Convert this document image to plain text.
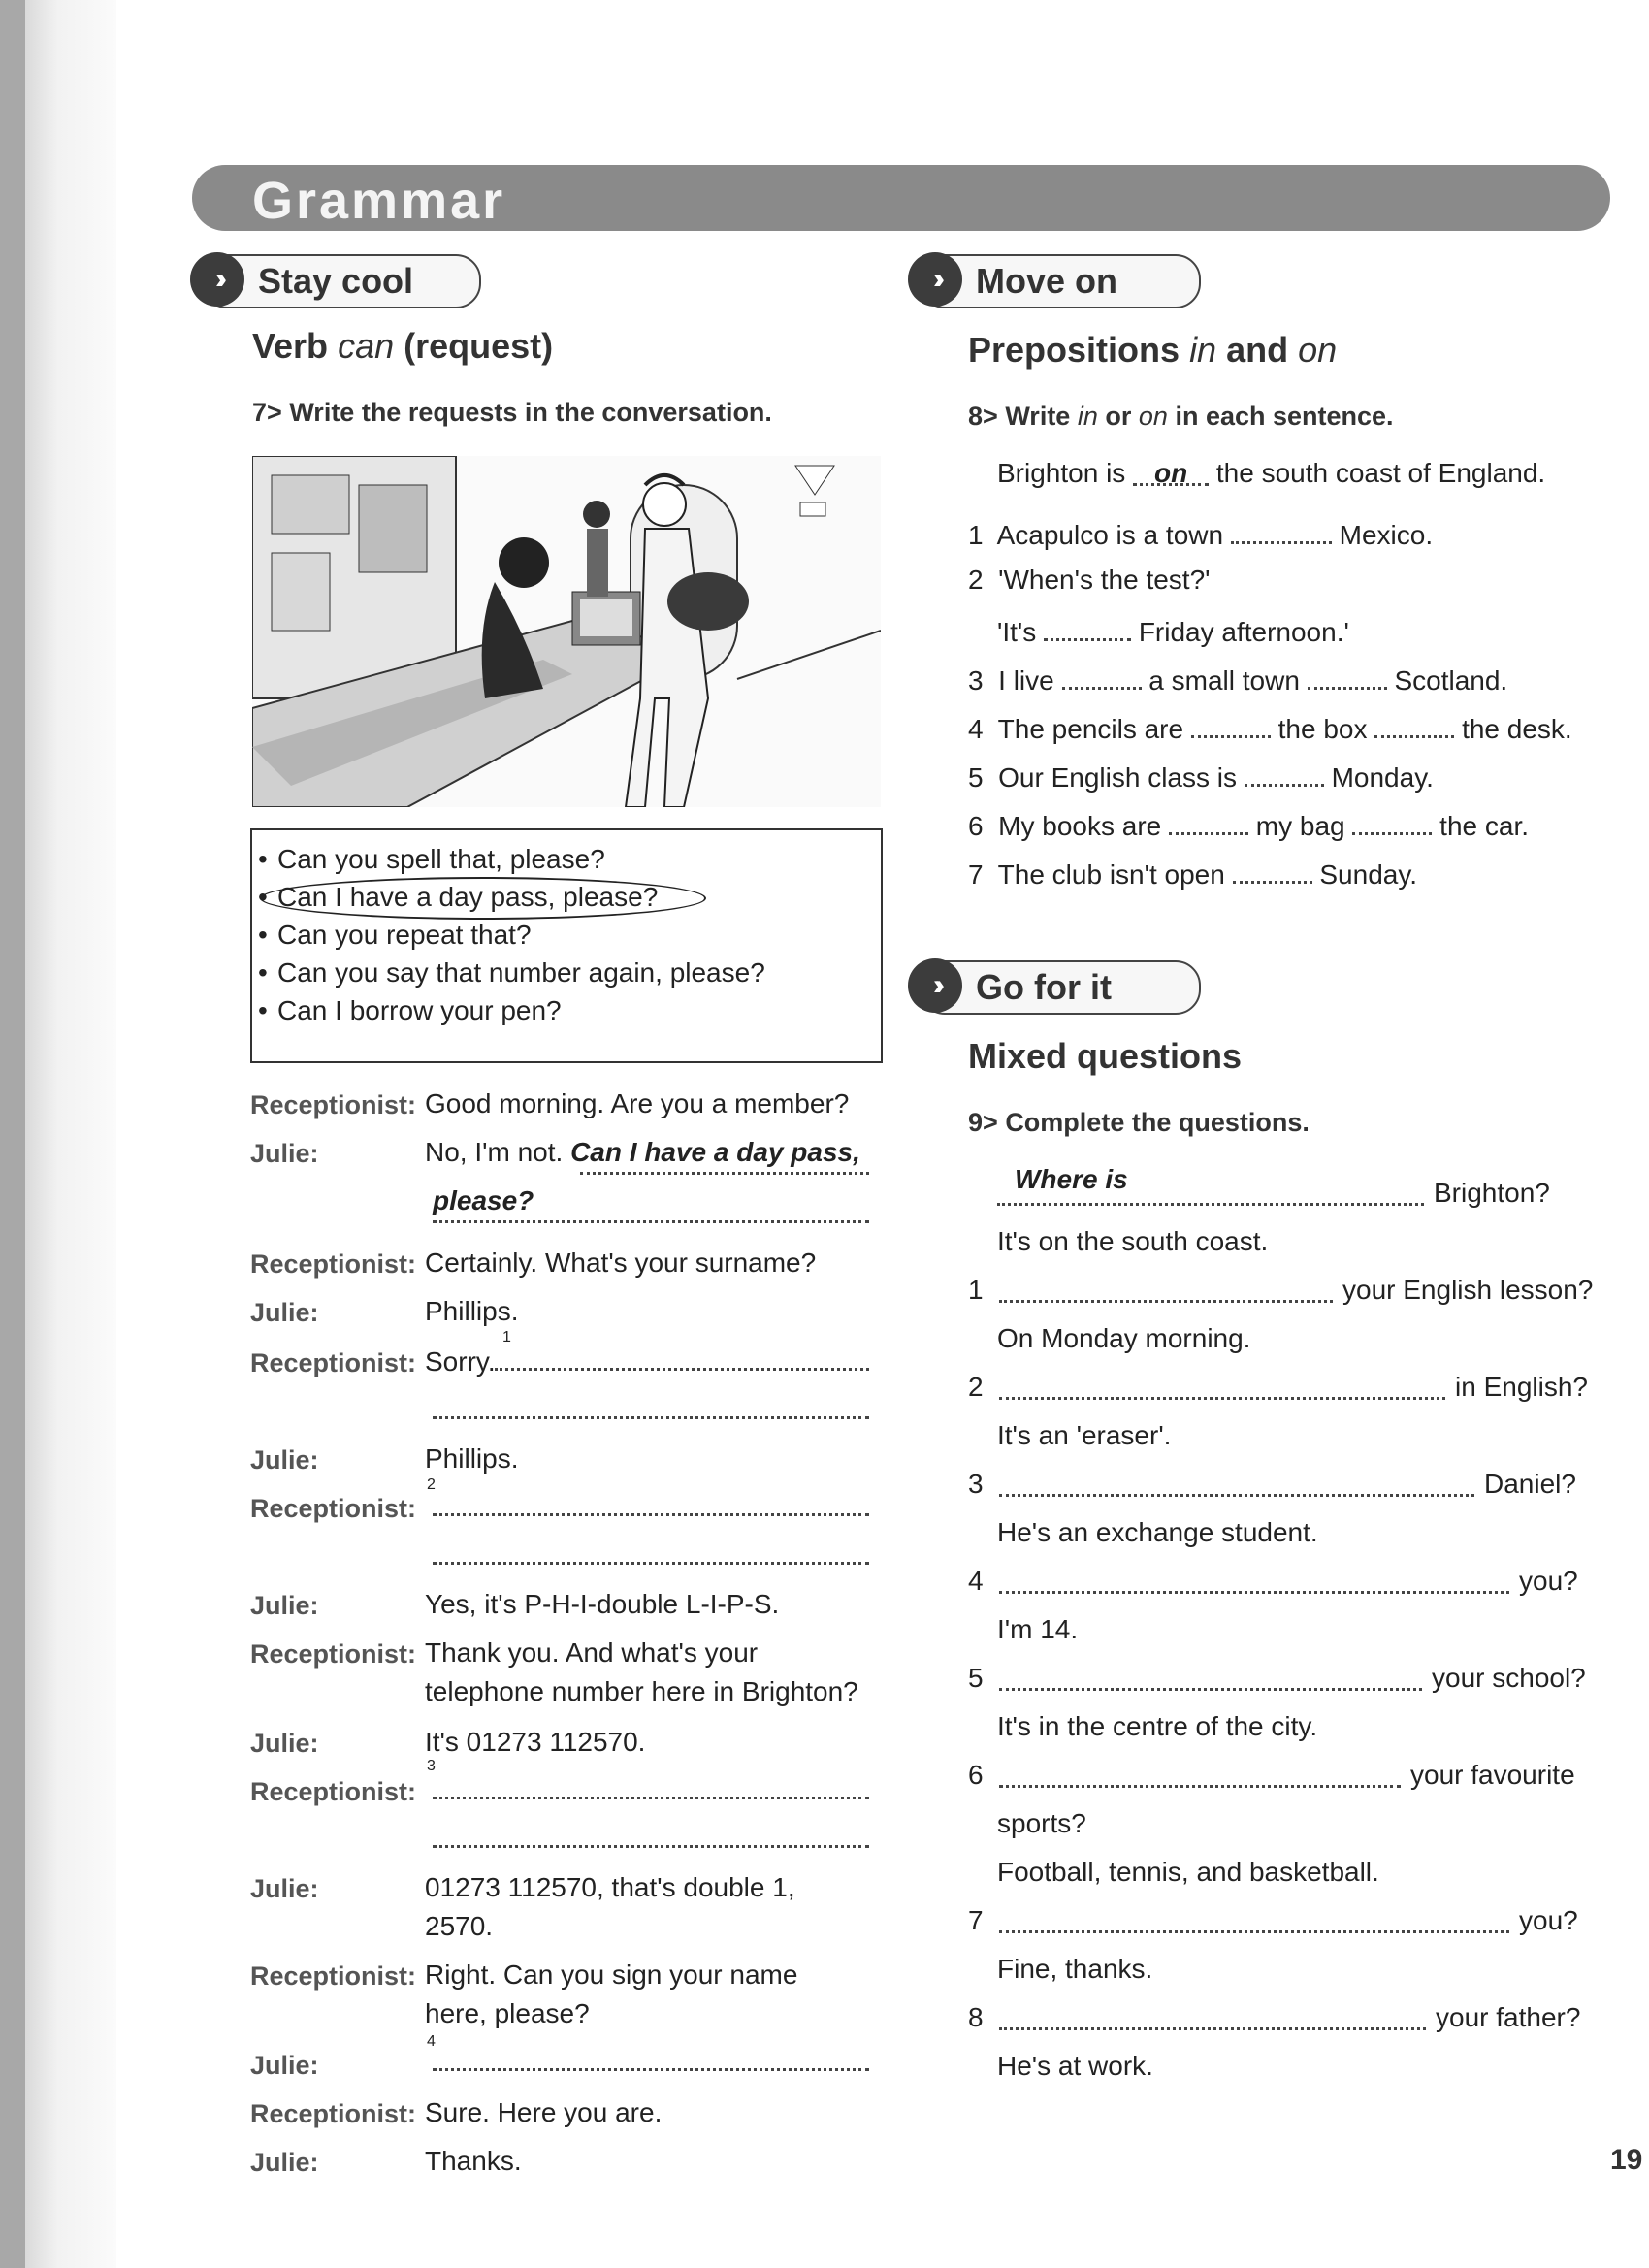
Grammar
››	Stay cool
Verb can (request)
7> Write the requests in the conversation.
• Can you spell that, please?
• Can I have a day pass, please?
• Can you repeat that?
• Can you say that number again, please?
• Can I borrow your pen?
Receptionist: Good morning. Are you a member?
Julie:	No, I'm not. Can I have a day pass,
please?
Receptionist: Certainly. What's your surname?
Julie:	Phillips.
1
Receptionist: Sorry.
Julie:	Phillips.
2
Receptionist:
Julie:	Yes, it's P-H-I-double L-I-P-S.
Receptionist: Thank you. And what's your
telephone number here in Brighton?
Julie:	It's 01273 112570.
3
Receptionist:
Julie:	01273 112570, that's double 1,
2570.
Receptionist: Right. Can you sign your name
here, please?
4
Julie:
Receptionist: Sure. Here you are.
Julie:	Thanks.
››	Move on
Prepositions in and on
8> Write in or on in each sentence.
Brighton is on the south coast of England.
1 Acapulco is a town	Mexico.
2 'When's the test?'
'It's	Friday afternoon.'
3 I live	a small town	Scotland.
4 The pencils are	the box	the desk.
5 Our English class is	Monday.
6 My books are	my bag	the car.
7 The club isn't open	Sunday.
››	Go for it
Mixed questions
9> Complete the questions.
Where is	Brighton?
It's on the south coast.
1	your English lesson?
On Monday morning.
2	in English?
It's an 'eraser'.
3	Daniel?
He's an exchange student.
4	you?
I'm 14.
5	your school?
It's in the centre of the city.
6	your favourite
sports?
Football, tennis, and basketball.
7	you?
Fine, thanks.
8	your father?
He's at work.
19
